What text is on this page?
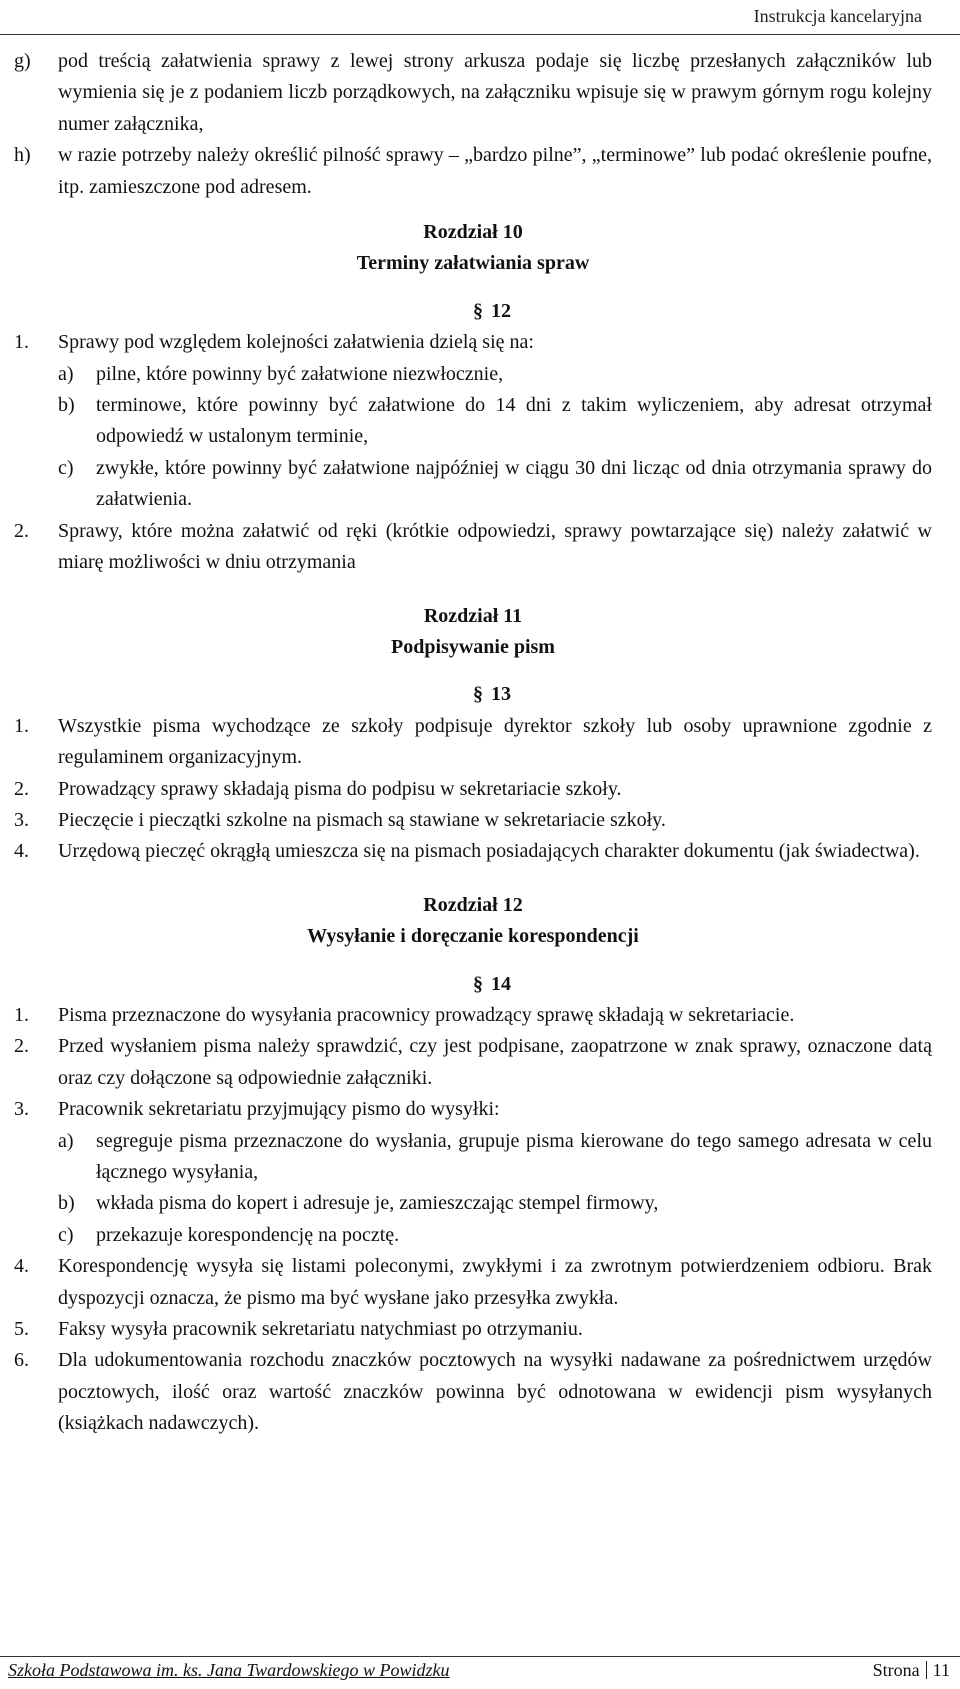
Instrukcja kancelaryjna
g)	pod treścią załatwienia sprawy z lewej strony arkusza podaje się liczbę przesłanych załączników lub wymienia się je z podaniem liczb porządkowych, na załączniku wpisuje się w prawym górnym rogu kolejny numer załącznika,
h)	w razie potrzeby należy określić pilność sprawy – „bardzo pilne”, „terminowe” lub podać określenie poufne, itp. zamieszczone pod adresem.
Rozdział 10
Terminy załatwiania spraw
§ 12
1.	Sprawy pod względem kolejności załatwienia dzielą się na:
a) pilne, które powinny być załatwione niezwłocznie,
b) terminowe, które powinny być załatwione do 14 dni z takim wyliczeniem, aby adresat otrzymał odpowiedź w ustalonym terminie,
c) zwykłe, które powinny być załatwione najpóźniej w ciągu 30 dni licząc od dnia otrzymania sprawy do załatwienia.
2.	Sprawy, które można załatwić od ręki (krótkie odpowiedzi, sprawy powtarzające się) należy załatwić w miarę możliwości w dniu otrzymania
Rozdział 11
Podpisywanie pism
§ 13
1.	Wszystkie pisma wychodzące ze szkoły podpisuje dyrektor szkoły lub osoby uprawnione zgodnie z regulaminem organizacyjnym.
2.	Prowadzący sprawy składają pisma do podpisu w sekretariacie szkoły.
3.	Pieczęcie i pieczątki szkolne na pismach są stawiane w sekretariacie szkoły.
4.	Urzędową pieczęć okrągłą umieszcza się na pismach posiadających charakter dokumentu (jak świadectwa).
Rozdział 12
Wysyłanie i doręczanie korespondencji
§ 14
1.	Pisma przeznaczone do wysyłania pracownicy prowadzący sprawę składają w sekretariacie.
2.	Przed wysłaniem pisma należy sprawdzić, czy jest podpisane, zaopatrzone w znak sprawy, oznaczone datą oraz czy dołączone są odpowiednie załączniki.
3.	Pracownik sekretariatu przyjmujący pismo do wysyłki:
a) segreguje pisma przeznaczone do wysłania, grupuje pisma kierowane do tego samego adresata w celu łącznego wysyłania,
b) wkłada pisma do kopert i adresuje je, zamieszczając stempel firmowy,
c) przekazuje korespondencję na pocztę.
4.	Korespondencję wysyła się listami poleconymi, zwykłymi i za zwrotnym potwierdzeniem odbioru. Brak dyspozycji oznacza, że pismo ma być wysłane jako przesyłka zwykła.
5.	Faksy wysyła pracownik sekretariatu natychmiast po otrzymaniu.
6.	Dla udokumentowania rozchodu znaczków pocztowych na wysyłki nadawane za pośrednictwem urzędów pocztowych, ilość oraz wartość znaczków powinna być odnotowana w ewidencji pism wysyłanych (książkach nadawczych).
Szkoła Podstawowa im. ks. Jana Twardowskiego w Powidzku	Strona 11
